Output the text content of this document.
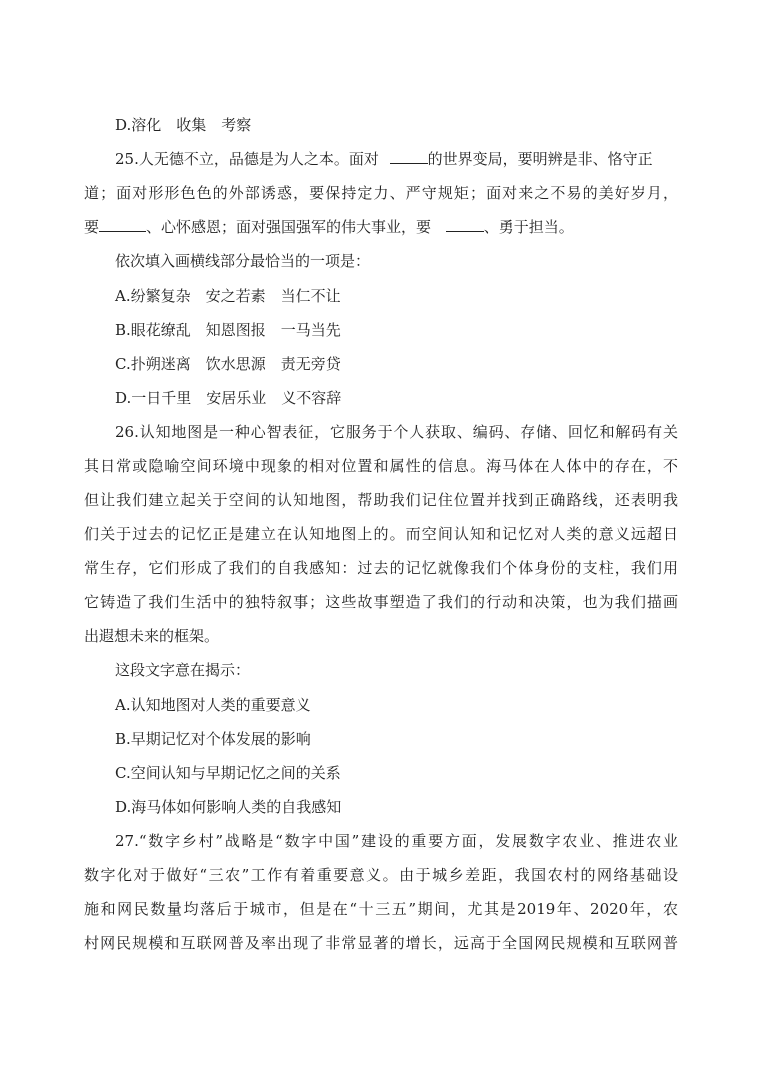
D.溶化　收集　考察
25.人无德不立，品德是为人之本。面对	的世界变局，要明辨是非、恪守正
道；面对形形色色的外部诱惑，要保持定力、严守规矩；面对来之不易的美好岁月，
要	、心怀感恩；面对强国强军的伟大事业，要	、勇于担当。
依次填入画横线部分最恰当的一项是：
A.纷繁复杂　安之若素　当仁不让
B.眼花缭乱　知恩图报　一马当先
C.扑朔迷离　饮水思源　责无旁贷
D.一日千里　安居乐业　义不容辞
26.认知地图是一种心智表征，它服务于个人获取、编码、存储、回忆和解码有关
其日常或隐喻空间环境中现象的相对位置和属性的信息。海马体在人体中的存在，不
但让我们建立起关于空间的认知地图，帮助我们记住位置并找到正确路线，还表明我
们关于过去的记忆正是建立在认知地图上的。而空间认知和记忆对人类的意义远超日
常生存，它们形成了我们的自我感知：过去的记忆就像我们个体身份的支柱，我们用
它铸造了我们生活中的独特叙事；这些故事塑造了我们的行动和决策，也为我们描画
出遐想未来的框架。
这段文字意在揭示：
A.认知地图对人类的重要意义
B.早期记忆对个体发展的影响
C.空间认知与早期记忆之间的关系
D.海马体如何影响人类的自我感知
27.“数字乡村”战略是“数字中国”建设的重要方面，发展数字农业、推进农业
数字化对于做好“三农”工作有着重要意义。由于城乡差距，我国农村的网络基础设
施和网民数量均落后于城市，但是在“十三五”期间，尤其是2019年、2020年，农
村网民规模和互联网普及率出现了非常显著的增长，远高于全国网民规模和互联网普
